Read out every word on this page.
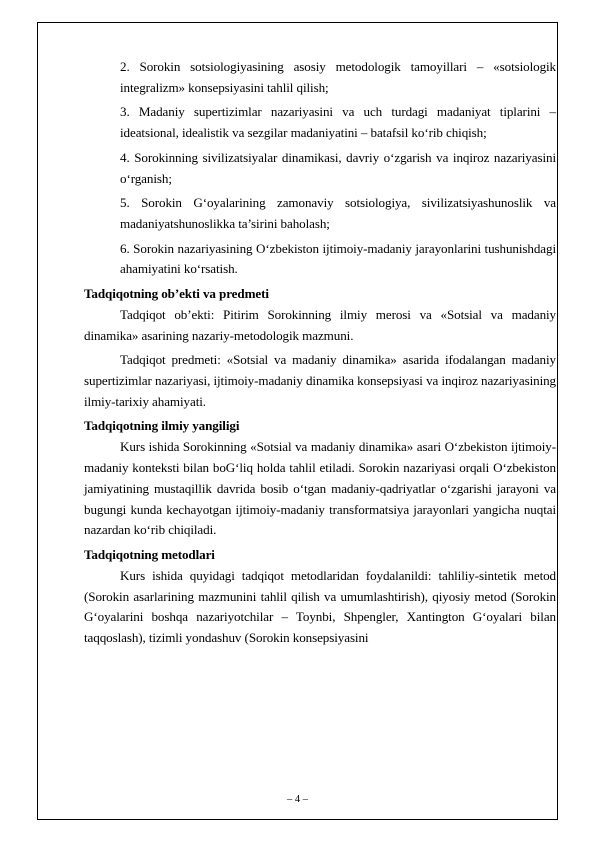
2. Sorokin sotsiologiyasining asosiy metodologik tamoyillari – «sotsiologik integralizm» konsepsiyasini tahlil qilish;
3. Madaniy supertizimlar nazariyasini va uch turdagi madaniyat tiplarini – ideatsional, idealistik va sezgilar madaniyatini – batafsil ko‘rib chiqish;
4. Sorokinning sivilizatsiyalar dinamikasi, davriy o‘zgarish va inqiroz nazariyasini o‘rganish;
5. Sorokin G‘oyalarining zamonaviy sotsiologiya, sivilizatsiyashunoslik va madaniyatshunoslikka ta’sirini baholash;
6. Sorokin nazariyasining O‘zbekiston ijtimoiy-madaniy jarayonlarini tushunishdagi ahamiyatini ko‘rsatish.
Tadqiqotning ob’ekti va predmeti
Tadqiqot ob’ekti: Pitirim Sorokinning ilmiy merosi va «Sotsial va madaniy dinamika» asarining nazariy-metodologik mazmuni.
Tadqiqot predmeti: «Sotsial va madaniy dinamika» asarida ifodalangan madaniy supertizimlar nazariyasi, ijtimoiy-madaniy dinamika konsepsiyasi va inqiroz nazariyasining ilmiy-tarixiy ahamiyati.
Tadqiqotning ilmiy yangiligi
Kurs ishida Sorokinning «Sotsial va madaniy dinamika» asari O‘zbekiston ijtimoiy-madaniy konteksti bilan boG‘liq holda tahlil etiladi. Sorokin nazariyasi orqali O‘zbekiston jamiyatining mustaqillik davrida bosib o‘tgan madaniy-qadriyatlar o‘zgarishi jarayoni va bugungi kunda kechayotgan ijtimoiy-madaniy transformatsiya jarayonlari yangicha nuqtai nazardan ko‘rib chiqiladi.
Tadqiqotning metodlari
Kurs ishida quyidagi tadqiqot metodlaridan foydalanildi: tahliliy-sintetik metod (Sorokin asarlarining mazmunini tahlil qilish va umumlashtirish), qiyosiy metod (Sorokin G‘oyalarini boshqa nazariyotchilar – Toynbi, Shpengler, Xantington G‘oyalari bilan taqqoslash), tizimli yondashuv (Sorokin konsepsiyasini
– 4 –
